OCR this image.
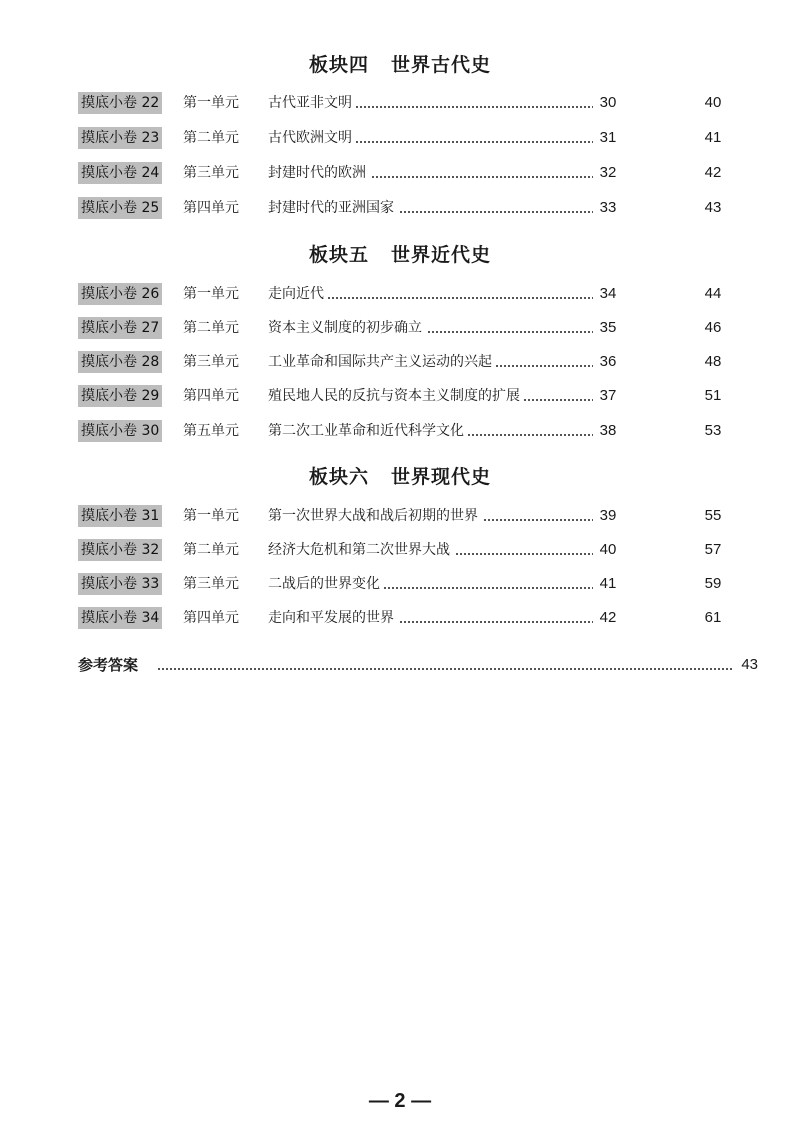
板块四 世界古代史
摸底小卷 22 第一单元 古代亚非文明	30	40
摸底小卷 23 第二单元 古代欧洲文明	31	41
摸底小卷 24 第三单元 封建时代的欧洲	32	42
摸底小卷 25 第四单元 封建时代的亚洲国家	33	43
板块五 世界近代史
摸底小卷 26 第一单元 走向近代	34	44
摸底小卷 27 第二单元 资本主义制度的初步确立	35	46
摸底小卷 28 第三单元 工业革命和国际共产主义运动的兴起	36	48
摸底小卷 29 第四单元 殖民地人民的反抗与资本主义制度的扩展	37	51
摸底小卷 30 第五单元 第二次工业革命和近代科学文化	38	53
板块六 世界现代史
摸底小卷 31 第一单元 第一次世界大战和战后初期的世界	39	55
摸底小卷 32 第二单元 经济大危机和第二次世界大战	40	57
摸底小卷 33 第三单元 二战后的世界变化	41	59
摸底小卷 34 第四单元 走向和平发展的世界	42	61
参考答案	43
— 2 —
